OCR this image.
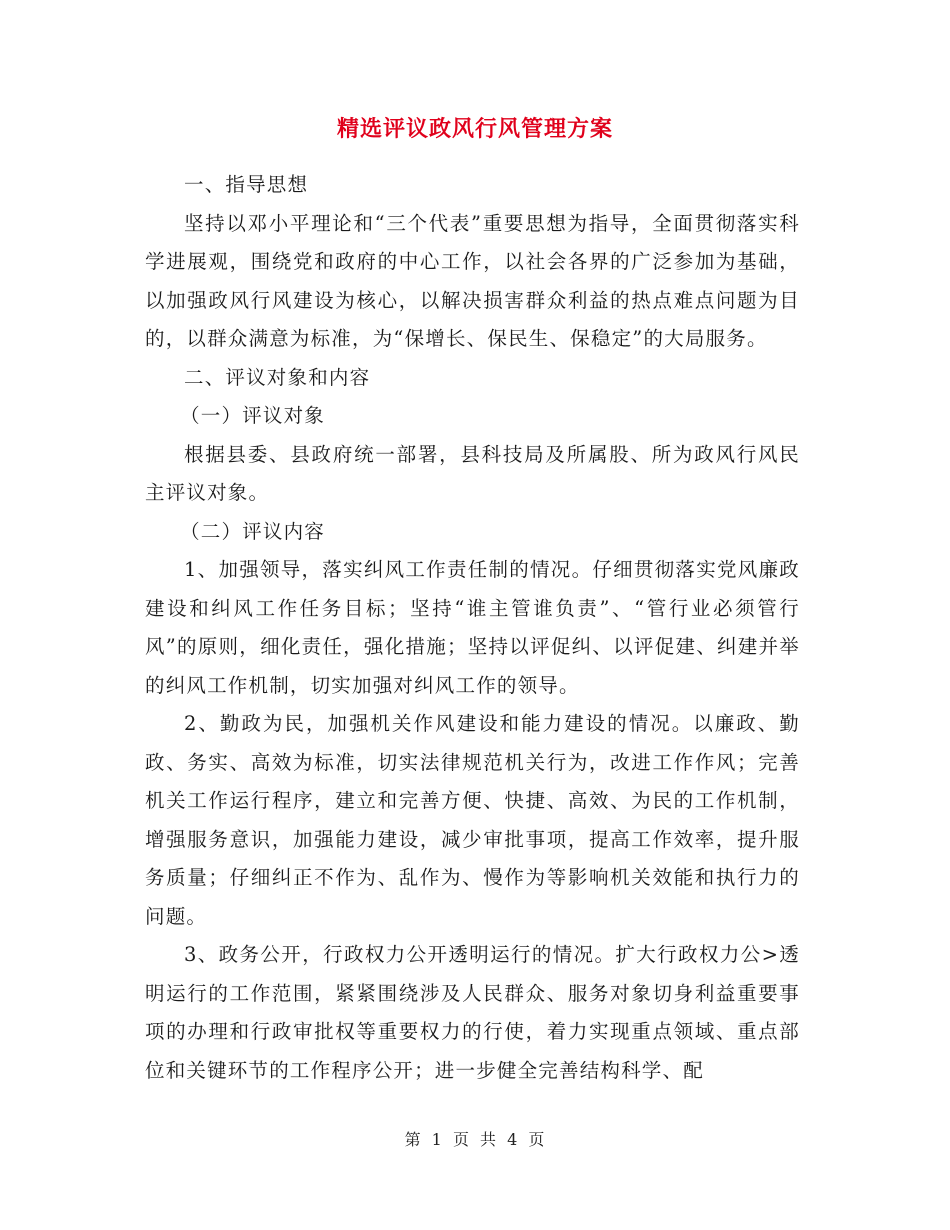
精选评议政风行风管理方案

一、指导思想

坚持以邓小平理论和“三个代表”重要思想为指导，全面贯彻落实科学进展观，围绕党和政府的中心工作，以社会各界的广泛参加为基础，以加强政风行风建设为核心，以解决损害群众利益的热点难点问题为目的，以群众满意为标准，为“保增长、保民生、保稳定”的大局服务。

二、评议对象和内容

（一）评议对象

根据县委、县政府统一部署，县科技局及所属股、所为政风行风民主评议对象。

（二）评议内容

1、加强领导，落实纠风工作责任制的情况。仔细贯彻落实党风廉政建设和纠风工作任务目标；坚持“谁主管谁负责”、“管行业必须管行风”的原则，细化责任，强化措施；坚持以评促纠、以评促建、纠建并举的纠风工作机制，切实加强对纠风工作的领导。

2、勤政为民，加强机关作风建设和能力建设的情况。以廉政、勤政、务实、高效为标准，切实法律规范机关行为，改进工作作风；完善机关工作运行程序，建立和完善方便、快捷、高效、为民的工作机制，增强服务意识，加强能力建设，减少审批事项，提高工作效率，提升服务质量；仔细纠正不作为、乱作为、慢作为等影响机关效能和执行力的问题。

3、政务公开，行政权力公开透明运行的情况。扩大行政权力公>透明运行的工作范围，紧紧围绕涉及人民群众、服务对象切身利益重要事项的办理和行政审批权等重要权力的行使，着力实现重点领域、重点部位和关键环节的工作程序公开；进一步健全完善结构科学、配

第 1 页 共 4 页
